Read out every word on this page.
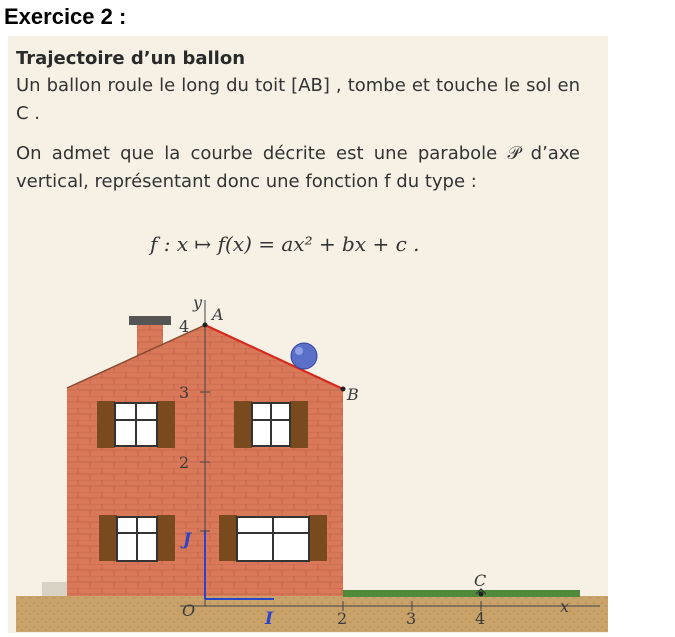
Exercice 2 :
Trajectoire d’un ballon
Un ballon roule le long du toit [AB] , tombe et touche le sol en C .
On admet que la courbe décrite est une parabole 𝒫 d’axe vertical, représentant donc une fonction f du type :
f : x ↦ f(x) = ax² + bx + c .
y
A
B
C
O	I
J
x
4
3
2
2	3	4
